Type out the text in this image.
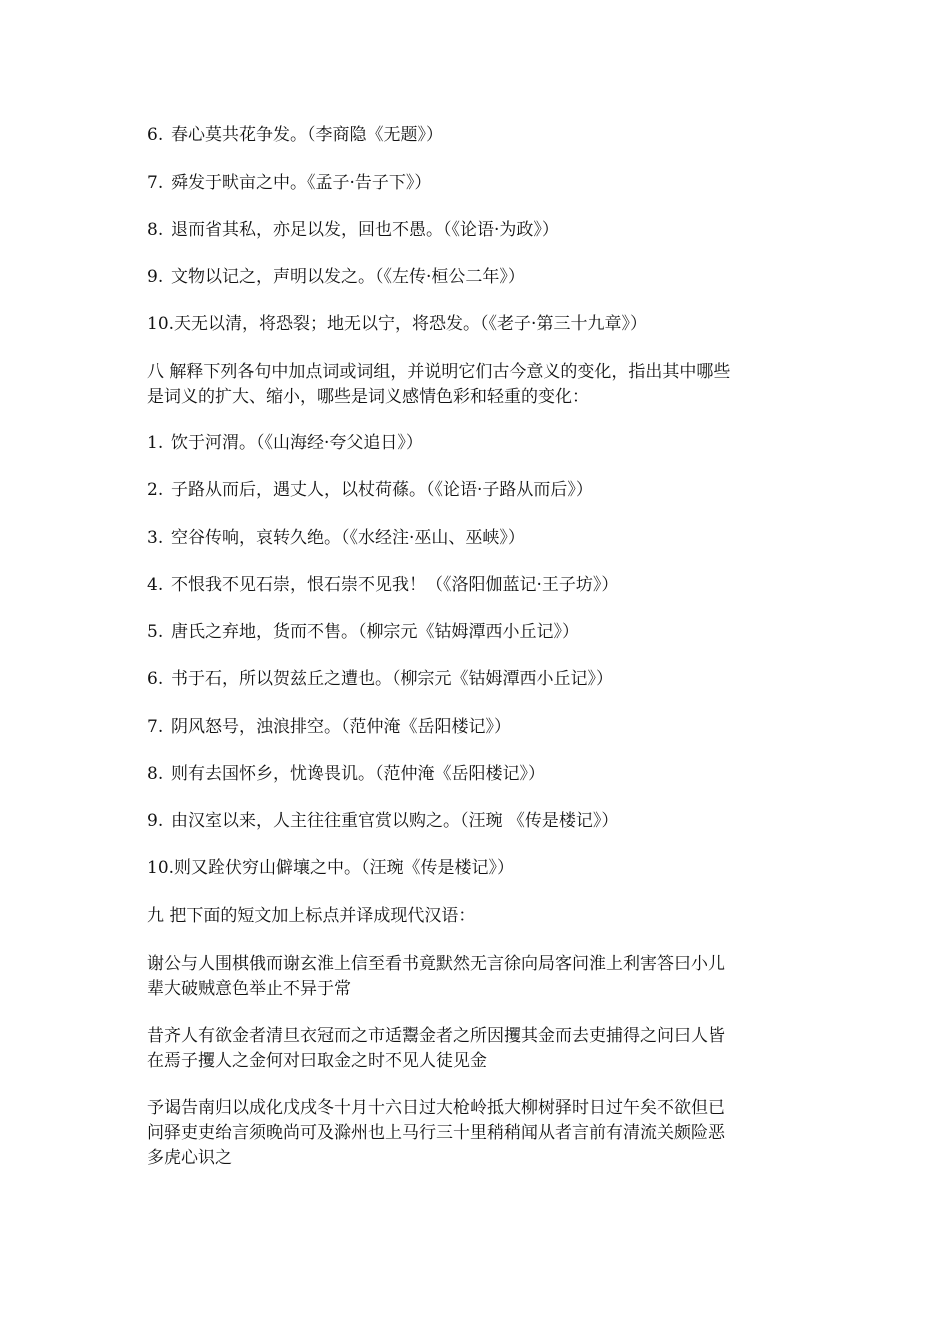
6. 春心莫共花争发。（李商隐《无题》）
7. 舜发于畎亩之中。《孟子·告子下》）
8. 退而省其私，亦足以发，回也不愚。（《论语·为政》）
9. 文物以记之，声明以发之。（《左传·桓公二年》）
10.天无以清，将恐裂；地无以宁，将恐发。（《老子·第三十九章》）
八 解释下列各句中加点词或词组，并说明它们古今意义的变化，指出其中哪些
是词义的扩大、缩小，哪些是词义感情色彩和轻重的变化：
1. 饮于河渭。（《山海经·夸父追日》）
2. 子路从而后，遇丈人，以杖荷蓧。（《论语·子路从而后》）
3. 空谷传响，哀转久绝。（《水经注·巫山、巫峡》）
4. 不恨我不见石崇，恨石崇不见我！（《洛阳伽蓝记·王子坊》）
5. 唐氏之弃地，货而不售。（柳宗元《钴姆潭西小丘记》）
6. 书于石，所以贺兹丘之遭也。（柳宗元《钴姆潭西小丘记》）
7. 阴风怒号，浊浪排空。（范仲淹《岳阳楼记》）
8. 则有去国怀乡，忧谗畏讥。（范仲淹《岳阳楼记》）
9. 由汉室以来，人主往往重官赏以购之。（汪琬 《传是楼记》）
10.则又跧伏穷山僻壤之中。（汪琬《传是楼记》）
九 把下面的短文加上标点并译成现代汉语：
谢公与人围棋俄而谢玄淮上信至看书竟默然无言徐向局客问淮上利害答曰小儿
辈大破贼意色举止不异于常
昔齐人有欲金者清旦衣冠而之市适鬻金者之所因攫其金而去吏捕得之问曰人皆
在焉子攫人之金何对曰取金之时不见人徒见金
予谒告南归以成化戊戌冬十月十六日过大枪岭抵大柳树驿时日过午矣不欲但已
问驿吏吏绐言须晚尚可及滁州也上马行三十里稍稍闻从者言前有清流关颇险恶
多虎心识之
